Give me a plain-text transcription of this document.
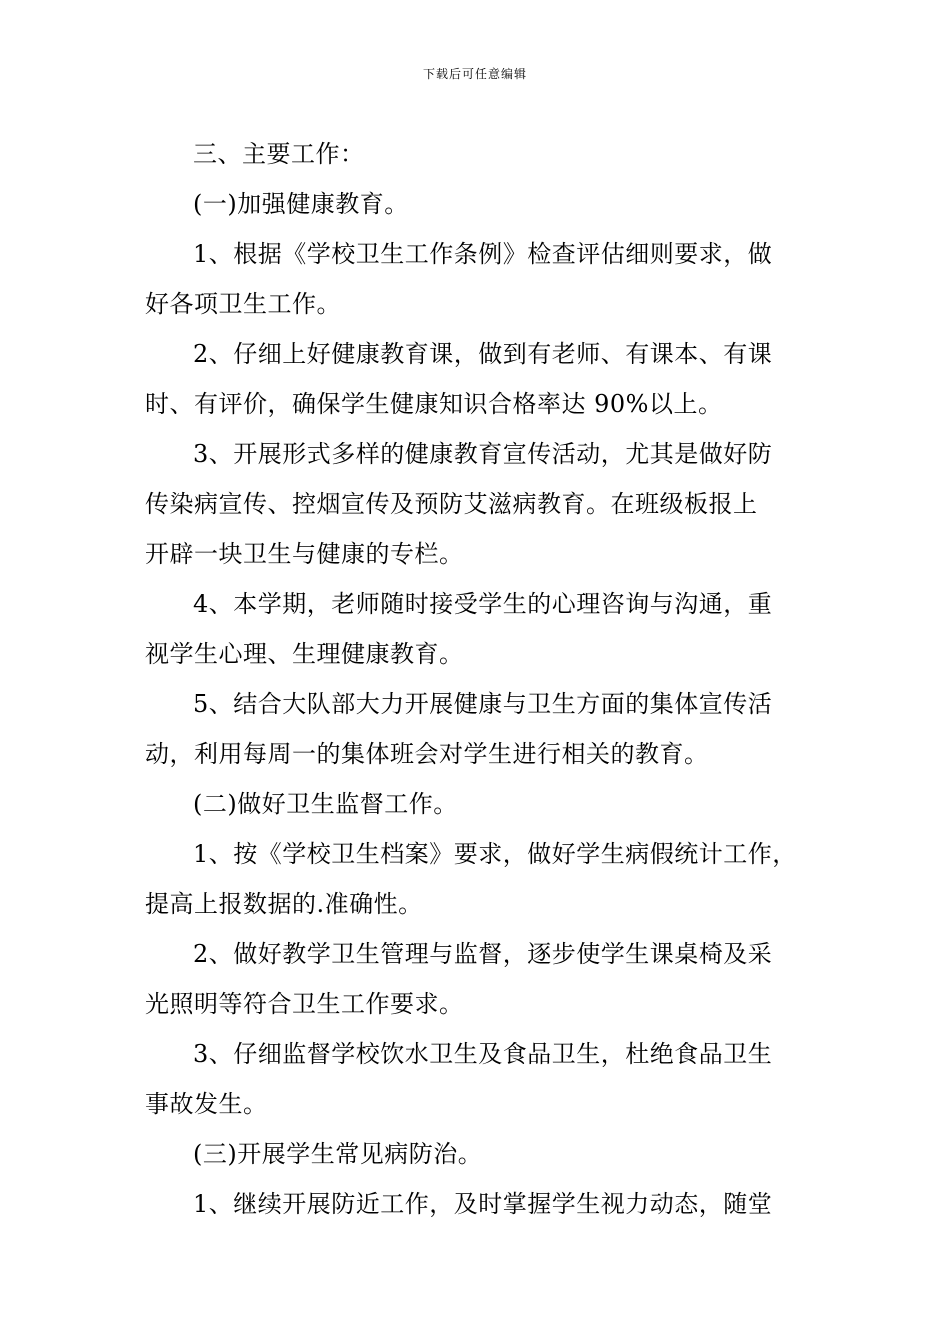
下载后可任意编辑

三、主要工作：

(一)加强健康教育。

1、根据《学校卫生工作条例》检查评估细则要求，做
好各项卫生工作。

2、仔细上好健康教育课，做到有老师、有课本、有课
时、有评价，确保学生健康知识合格率达 90%以上。

3、开展形式多样的健康教育宣传活动，尤其是做好防
传染病宣传、控烟宣传及预防艾滋病教育。在班级板报上
开辟一块卫生与健康的专栏。

4、本学期，老师随时接受学生的心理咨询与沟通，重
视学生心理、生理健康教育。

5、结合大队部大力开展健康与卫生方面的集体宣传活
动，利用每周一的集体班会对学生进行相关的教育。

(二)做好卫生监督工作。

1、按《学校卫生档案》要求，做好学生病假统计工作，
提高上报数据的.准确性。

2、做好教学卫生管理与监督，逐步使学生课桌椅及采
光照明等符合卫生工作要求。

3、仔细监督学校饮水卫生及食品卫生，杜绝食品卫生
事故发生。

(三)开展学生常见病防治。

1、继续开展防近工作，及时掌握学生视力动态，随堂
